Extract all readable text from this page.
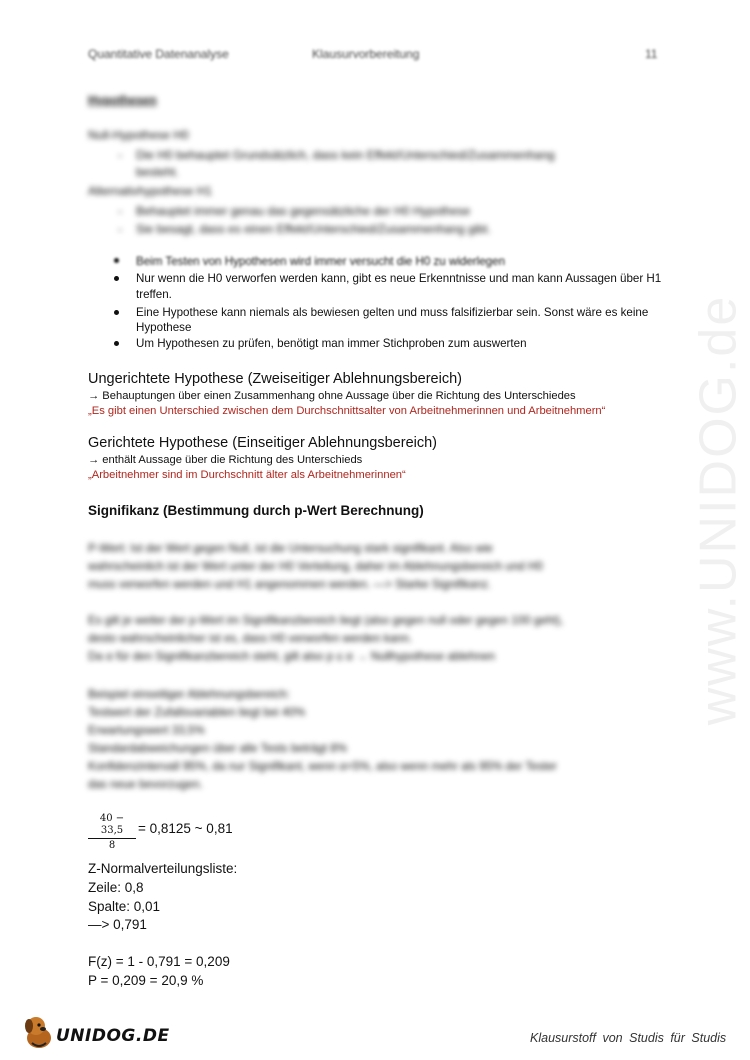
Quantitative Datenanalyse	Klausurvorbereitung	11
Hypothesen
Null-Hypothese H0
- Die H0 behauptet Grundsätzlich, dass kein Effekt/Unterschied/Zusammenhang
besteht.
Alternativhypothese H1
- Behauptet immer genau das gegensätzliche der H0 Hypothese
- Sie besagt, dass es einen Effekt/Unterschied/Zusammenhang gibt.
Beim Testen von Hypothesen wird immer versucht die H0 zu widerlegen
Nur wenn die H0 verworfen werden kann, gibt es neue Erkenntnisse und man kann Aussagen über H1
treffen.
Eine Hypothese kann niemals als bewiesen gelten und muss falsifizierbar sein. Sonst wäre es keine
Hypothese
Um Hypothesen zu prüfen, benötigt man immer Stichproben zum auswerten
Ungerichtete Hypothese (Zweiseitiger Ablehnungsbereich)
→ Behauptungen über einen Zusammenhang ohne Aussage über die Richtung des Unterschiedes
„Es gibt einen Unterschied zwischen dem Durchschnittsalter von Arbeitnehmerinnen und Arbeitnehmern“
Gerichtete Hypothese (Einseitiger Ablehnungsbereich)
→ enthält Aussage über die Richtung des Unterschieds
„Arbeitnehmer sind im Durchschnitt älter als Arbeitnehmerinnen“
Signifikanz (Bestimmung durch p-Wert Berechnung)
P-Wert: Ist der Wert gegen Null, ist die Untersuchung stark signifikant. Also wie
wahrscheinlich ist der Wert unter der H0 Verteilung, daher im Ablehnungsbereich und H0
muss verworfen werden und H1 angenommen werden. —> Starke Signifikanz.
Es gilt je weiter der p-Wert im Signifikanzbereich liegt (also gegen null oder gegen 100 geht),
desto wahrscheinlicher ist es, dass H0 verworfen werden kann.
Da α für den Signifikanzbereich steht, gilt also p ≤ α → Nullhypothese ablehnen
Beispiel einseitiger Ablehnungsbereich:
Testwert der Zufallsvariablen liegt bei 40%
Erwartungswert 33,5%
Standardabweichungen über alle Tests beträgt 8%
Konfidenzintervall 95%, da nur Signifikant, wenn α=5%, also wenn mehr als 95% der Tester
das neue bevorzugen.
$\frac{40 - 33,5}{8} = 0,8125$ ~ 0,81
Z-Normalverteilungsliste:
Zeile: 0,8
Spalte: 0,01
—> 0,791
F(z) = 1 - 0,791 = 0,209
P = 0,209 = 20,9 %
www.UNIDOG.de
UNIDOG.DE	Klausurstoff von Studis für Studis
